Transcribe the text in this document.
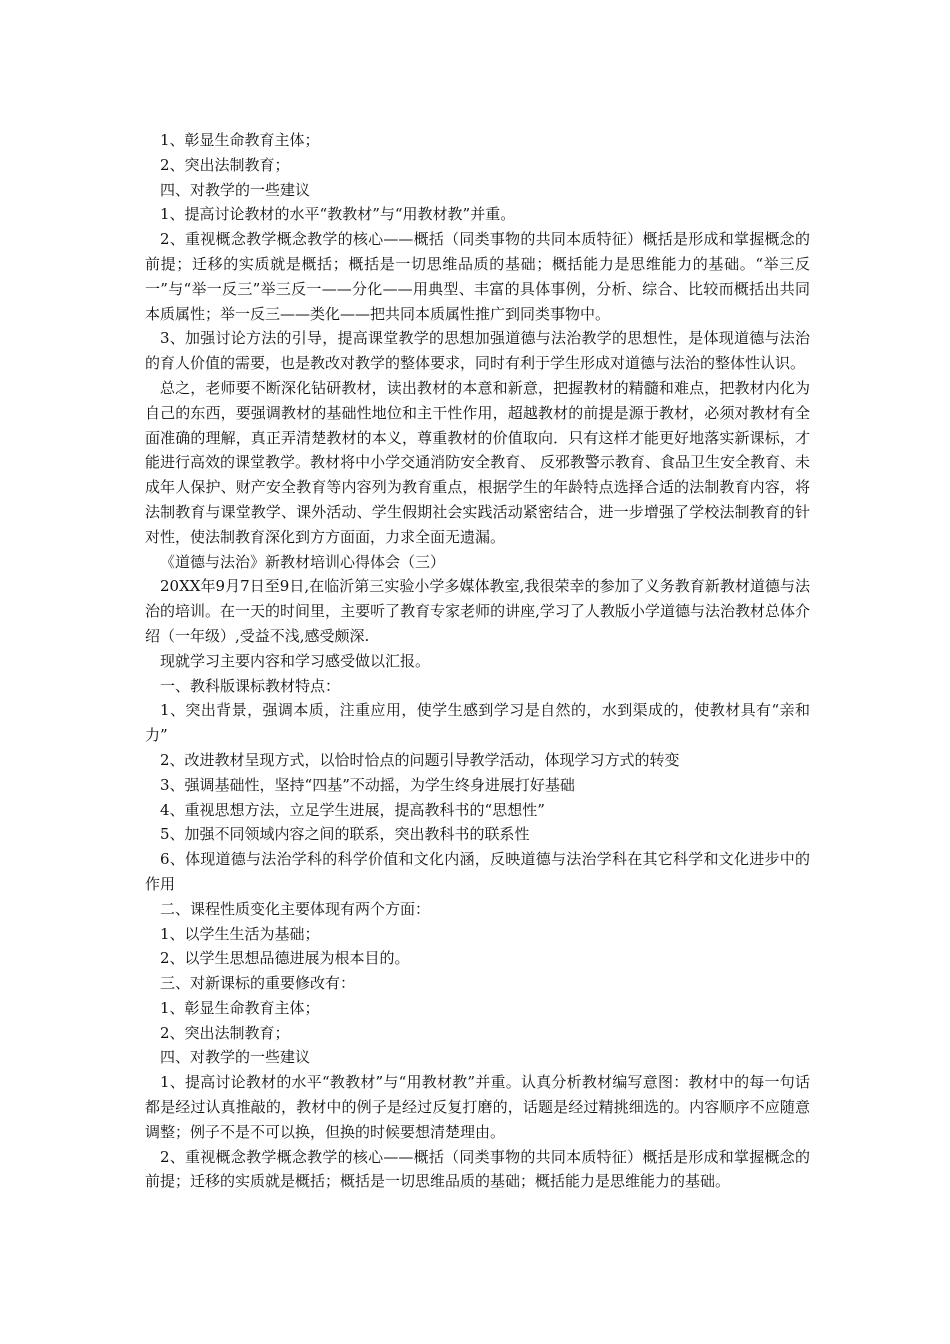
1、彰显生命教育主体；

2、突出法制教育；

四、对教学的一些建议

1、提高讨论教材的水平“教教材”与“用教材教”并重。

2、重视概念教学概念教学的核心——概括（同类事物的共同本质特征）概括是形成和掌握概念的前提；迁移的实质就是概括；概括是一切思维品质的基础；概括能力是思维能力的基础。“举三反一”与“举一反三”举三反一——分化——用典型、丰富的具体事例，分析、综合、比较而概括出共同本质属性；举一反三——类化——把共同本质属性推广到同类事物中。

3、加强讨论方法的引导，提高课堂教学的思想加强道德与法治教学的思想性，是体现道德与法治的育人价值的需要，也是教改对教学的整体要求，同时有利于学生形成对道德与法治的整体性认识。

总之，老师要不断深化钻研教材，读出教材的本意和新意，把握教材的精髓和难点，把教材内化为自己的东西，要强调教材的基础性地位和主干性作用，超越教材的前提是源于教材，必须对教材有全面准确的理解，真正弄清楚教材的本义，尊重教材的价值取向．只有这样才能更好地落实新课标，才能进行高效的课堂教学。教材将中小学交通消防安全教育、 反邪教警示教育、食品卫生安全教育、未成年人保护、财产安全教育等内容列为教育重点，根据学生的年龄特点选择合适的法制教育内容，将法制教育与课堂教学、课外活动、学生假期社会实践活动紧密结合，进一步增强了学校法制教育的针对性，使法制教育深化到方方面面，力求全面无遗漏。

《道德与法治》新教材培训心得体会（三）

20XX年9月7日至9日,在临沂第三实验小学多媒体教室,我很荣幸的参加了义务教育新教材道德与法治的培训。在一天的时间里，主要听了教育专家老师的讲座,学习了人教版小学道德与法治教材总体介绍（一年级）,受益不浅,感受颇深.

现就学习主要内容和学习感受做以汇报。

一、教科版课标教材特点：

1、突出背景，强调本质，注重应用，使学生感到学习是自然的，水到渠成的，使教材具有“亲和力”

2、改进教材呈现方式，以恰时恰点的问题引导教学活动，体现学习方式的转变

3、强调基础性，坚持“四基”不动摇，为学生终身进展打好基础

4、重视思想方法，立足学生进展，提高教科书的“思想性”

5、加强不同领域内容之间的联系，突出教科书的联系性

6、体现道德与法治学科的科学价值和文化内涵，反映道德与法治学科在其它科学和文化进步中的作用

二、课程性质变化主要体现有两个方面：

1、以学生生活为基础；

2、以学生思想品德进展为根本目的。

三、对新课标的重要修改有：

1、彰显生命教育主体；

2、突出法制教育；

四、对教学的一些建议

1、提高讨论教材的水平“教教材”与“用教材教”并重。认真分析教材编写意图：教材中的每一句话都是经过认真推敲的，教材中的例子是经过反复打磨的，话题是经过精挑细选的。内容顺序不应随意调整；例子不是不可以换，但换的时候要想清楚理由。

2、重视概念教学概念教学的核心——概括（同类事物的共同本质特征）概括是形成和掌握概念的前提；迁移的实质就是概括；概括是一切思维品质的基础；概括能力是思维能力的基础。
